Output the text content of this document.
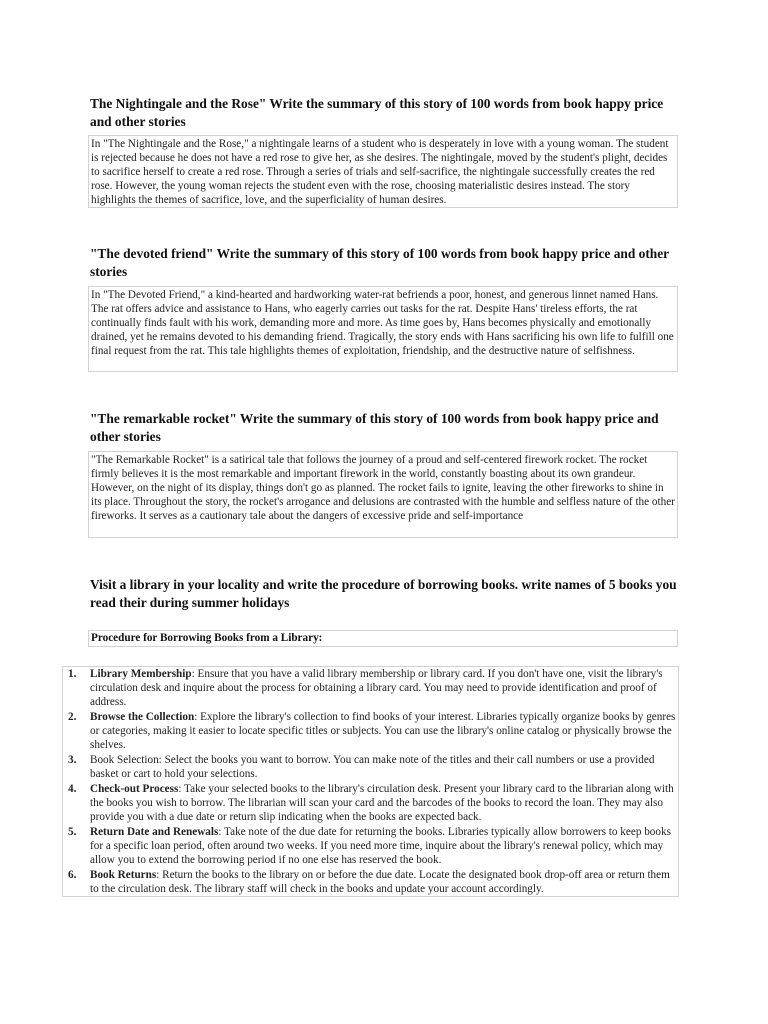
The Nightingale and the Rose" Write the summary of this story of 100 words from book happy price and other stories
In "The Nightingale and the Rose," a nightingale learns of a student who is desperately in love with a young woman. The student is rejected because he does not have a red rose to give her, as she desires. The nightingale, moved by the student's plight, decides to sacrifice herself to create a red rose. Through a series of trials and self-sacrifice, the nightingale successfully creates the red rose. However, the young woman rejects the student even with the rose, choosing materialistic desires instead. The story highlights the themes of sacrifice, love, and the superficiality of human desires.
"The devoted friend" Write the summary of this story of 100 words from book happy price and other stories
In "The Devoted Friend," a kind-hearted and hardworking water-rat befriends a poor, honest, and generous linnet named Hans. The rat offers advice and assistance to Hans, who eagerly carries out tasks for the rat. Despite Hans' tireless efforts, the rat continually finds fault with his work, demanding more and more. As time goes by, Hans becomes physically and emotionally drained, yet he remains devoted to his demanding friend. Tragically, the story ends with Hans sacrificing his own life to fulfill one final request from the rat. This tale highlights themes of exploitation, friendship, and the destructive nature of selfishness.
"The remarkable rocket" Write the summary of this story of 100 words from book happy price and other stories
"The Remarkable Rocket" is a satirical tale that follows the journey of a proud and self-centered firework rocket. The rocket firmly believes it is the most remarkable and important firework in the world, constantly boasting about its own grandeur. However, on the night of its display, things don't go as planned. The rocket fails to ignite, leaving the other fireworks to shine in its place. Throughout the story, the rocket's arrogance and delusions are contrasted with the humble and selfless nature of the other fireworks. It serves as a cautionary tale about the dangers of excessive pride and self-importance
Visit a library in your locality and write the procedure of borrowing books. write names of 5 books you read their during summer holidays
Procedure for Borrowing Books from a Library:
1. Library Membership: Ensure that you have a valid library membership or library card. If you don't have one, visit the library's circulation desk and inquire about the process for obtaining a library card. You may need to provide identification and proof of address.
2. Browse the Collection: Explore the library's collection to find books of your interest. Libraries typically organize books by genres or categories, making it easier to locate specific titles or subjects. You can use the library's online catalog or physically browse the shelves.
3. Book Selection: Select the books you want to borrow. You can make note of the titles and their call numbers or use a provided basket or cart to hold your selections.
4. Check-out Process: Take your selected books to the library's circulation desk. Present your library card to the librarian along with the books you wish to borrow. The librarian will scan your card and the barcodes of the books to record the loan. They may also provide you with a due date or return slip indicating when the books are expected back.
5. Return Date and Renewals: Take note of the due date for returning the books. Libraries typically allow borrowers to keep books for a specific loan period, often around two weeks. If you need more time, inquire about the library's renewal policy, which may allow you to extend the borrowing period if no one else has reserved the book.
6. Book Returns: Return the books to the library on or before the due date. Locate the designated book drop-off area or return them to the circulation desk. The library staff will check in the books and update your account accordingly.
